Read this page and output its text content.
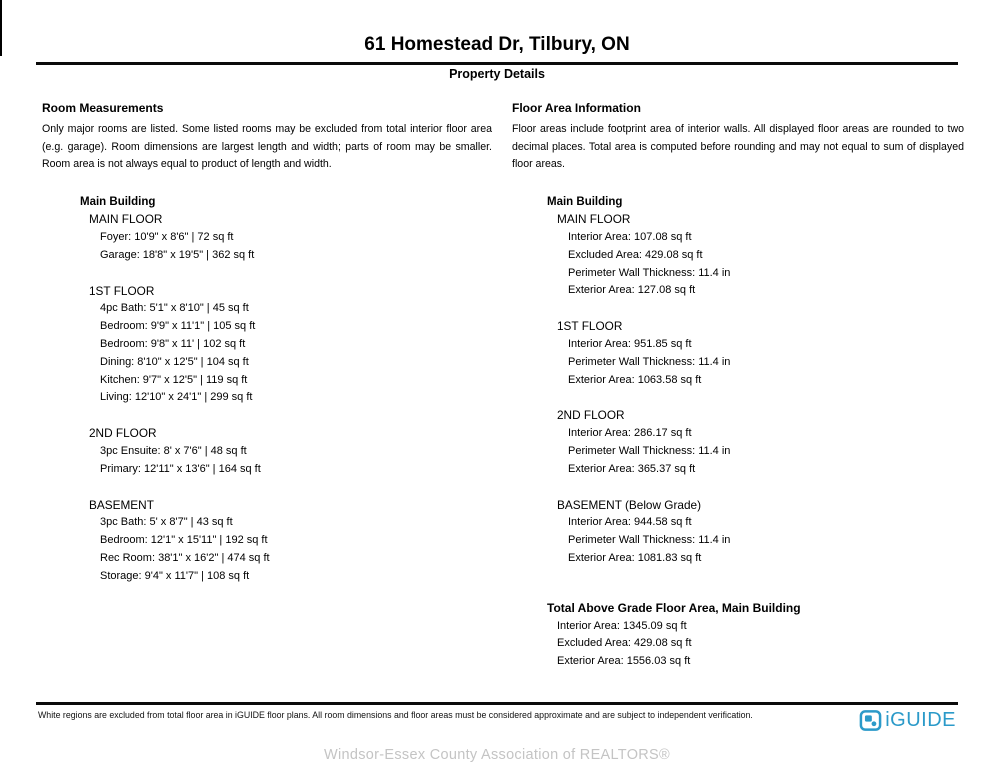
61 Homestead Dr, Tilbury, ON
Property Details
Room Measurements

Only major rooms are listed. Some listed rooms may be excluded from total interior floor area (e.g. garage). Room dimensions are largest length and width; parts of room may be smaller. Room area is not always equal to product of length and width.

Main Building
MAIN FLOOR
Foyer: 10'9" x 8'6" | 72 sq ft
Garage: 18'8" x 19'5" | 362 sq ft
1ST FLOOR
4pc Bath: 5'1" x 8'10" | 45 sq ft
Bedroom: 9'9" x 11'1" | 105 sq ft
Bedroom: 9'8" x 11' | 102 sq ft
Dining: 8'10" x 12'5" | 104 sq ft
Kitchen: 9'7" x 12'5" | 119 sq ft
Living: 12'10" x 24'1" | 299 sq ft
2ND FLOOR
3pc Ensuite: 8' x 7'6" | 48 sq ft
Primary: 12'11" x 13'6" | 164 sq ft
BASEMENT
3pc Bath: 5' x 8'7" | 43 sq ft
Bedroom: 12'1" x 15'11" | 192 sq ft
Rec Room: 38'1" x 16'2" | 474 sq ft
Storage: 9'4" x 11'7" | 108 sq ft
Floor Area Information

Floor areas include footprint area of interior walls. All displayed floor areas are rounded to two decimal places. Total area is computed before rounding and may not equal to sum of displayed floor areas.

Main Building
MAIN FLOOR
Interior Area: 107.08 sq ft
Excluded Area: 429.08 sq ft
Perimeter Wall Thickness: 11.4 in
Exterior Area: 127.08 sq ft
1ST FLOOR
Interior Area: 951.85 sq ft
Perimeter Wall Thickness: 11.4 in
Exterior Area: 1063.58 sq ft
2ND FLOOR
Interior Area: 286.17 sq ft
Perimeter Wall Thickness: 11.4 in
Exterior Area: 365.37 sq ft
BASEMENT (Below Grade)
Interior Area: 944.58 sq ft
Perimeter Wall Thickness: 11.4 in
Exterior Area: 1081.83 sq ft
Total Above Grade Floor Area, Main Building
Interior Area: 1345.09 sq ft
Excluded Area: 429.08 sq ft
Exterior Area: 1556.03 sq ft
White regions are excluded from total floor area in iGUIDE floor plans. All room dimensions and floor areas must be considered approximate and are subject to independent verification.	iGUIDE
Windsor-Essex County Association of REALTORS®
